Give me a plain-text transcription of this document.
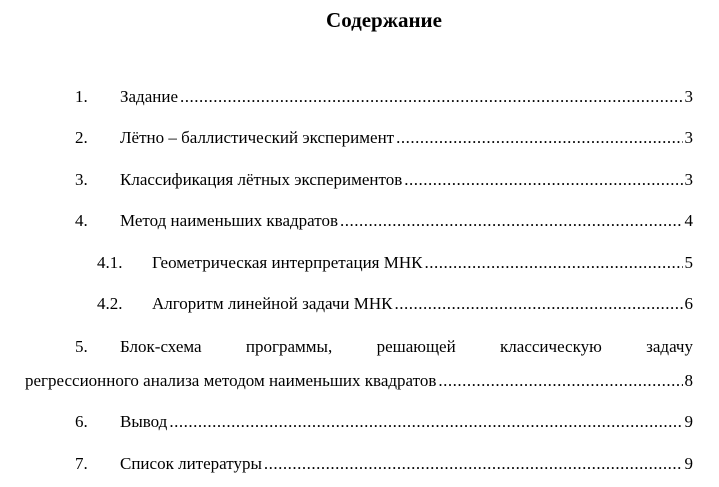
Содержание
1. Задание .....	3
2. Лётно – баллистический эксперимент .....	3
3. Классификация лётных экспериментов .....	3
4. Метод наименьших квадратов .....	4
4.1. Геометрическая интерпретация МНК .....	5
4.2. Алгоритм линейной задачи МНК .....	6
5. Блок-схема	программы,	решающей	классическую	задачу
регрессионного анализа методом наименьших квадратов .....	8
6. Вывод .....	9
7. Список литературы .....	9
